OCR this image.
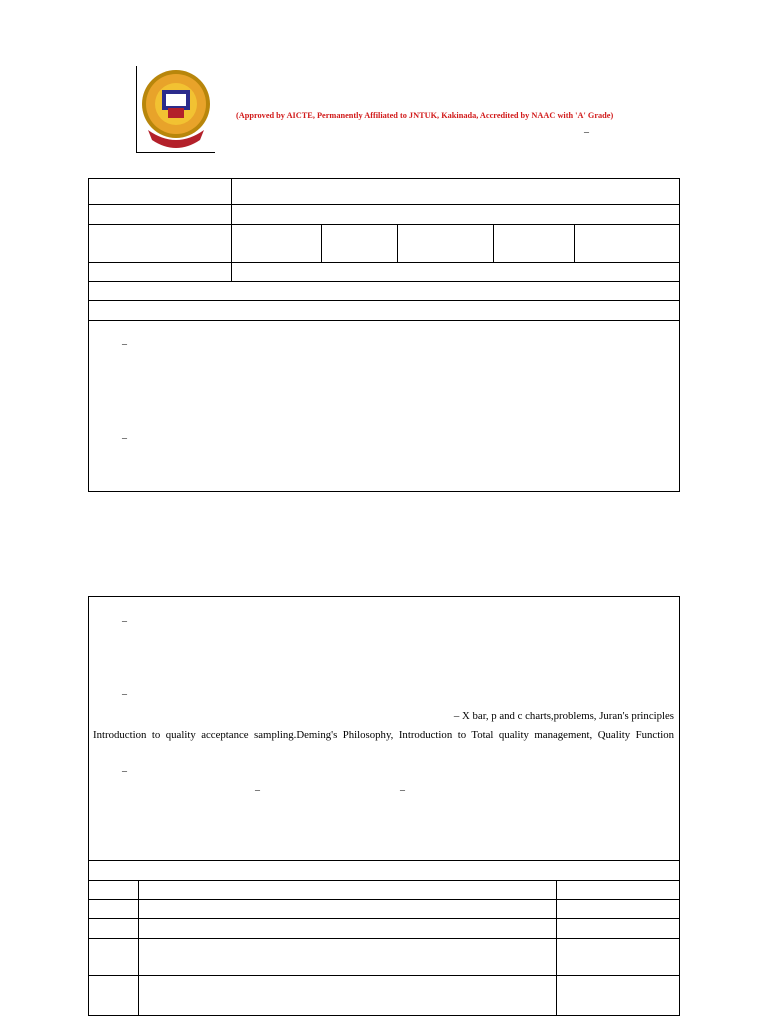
(Approved by AICTE, Permanently Affiliated to JNTUK, Kakinada, Accredited by NAAC with 'A' Grade)
–
–
–
–
–
– X bar, p and c charts,problems, Juran's principles
Introduction to quality acceptance sampling.Deming's Philosophy, Introduction to Total quality management, Quality Function
–
–	–
